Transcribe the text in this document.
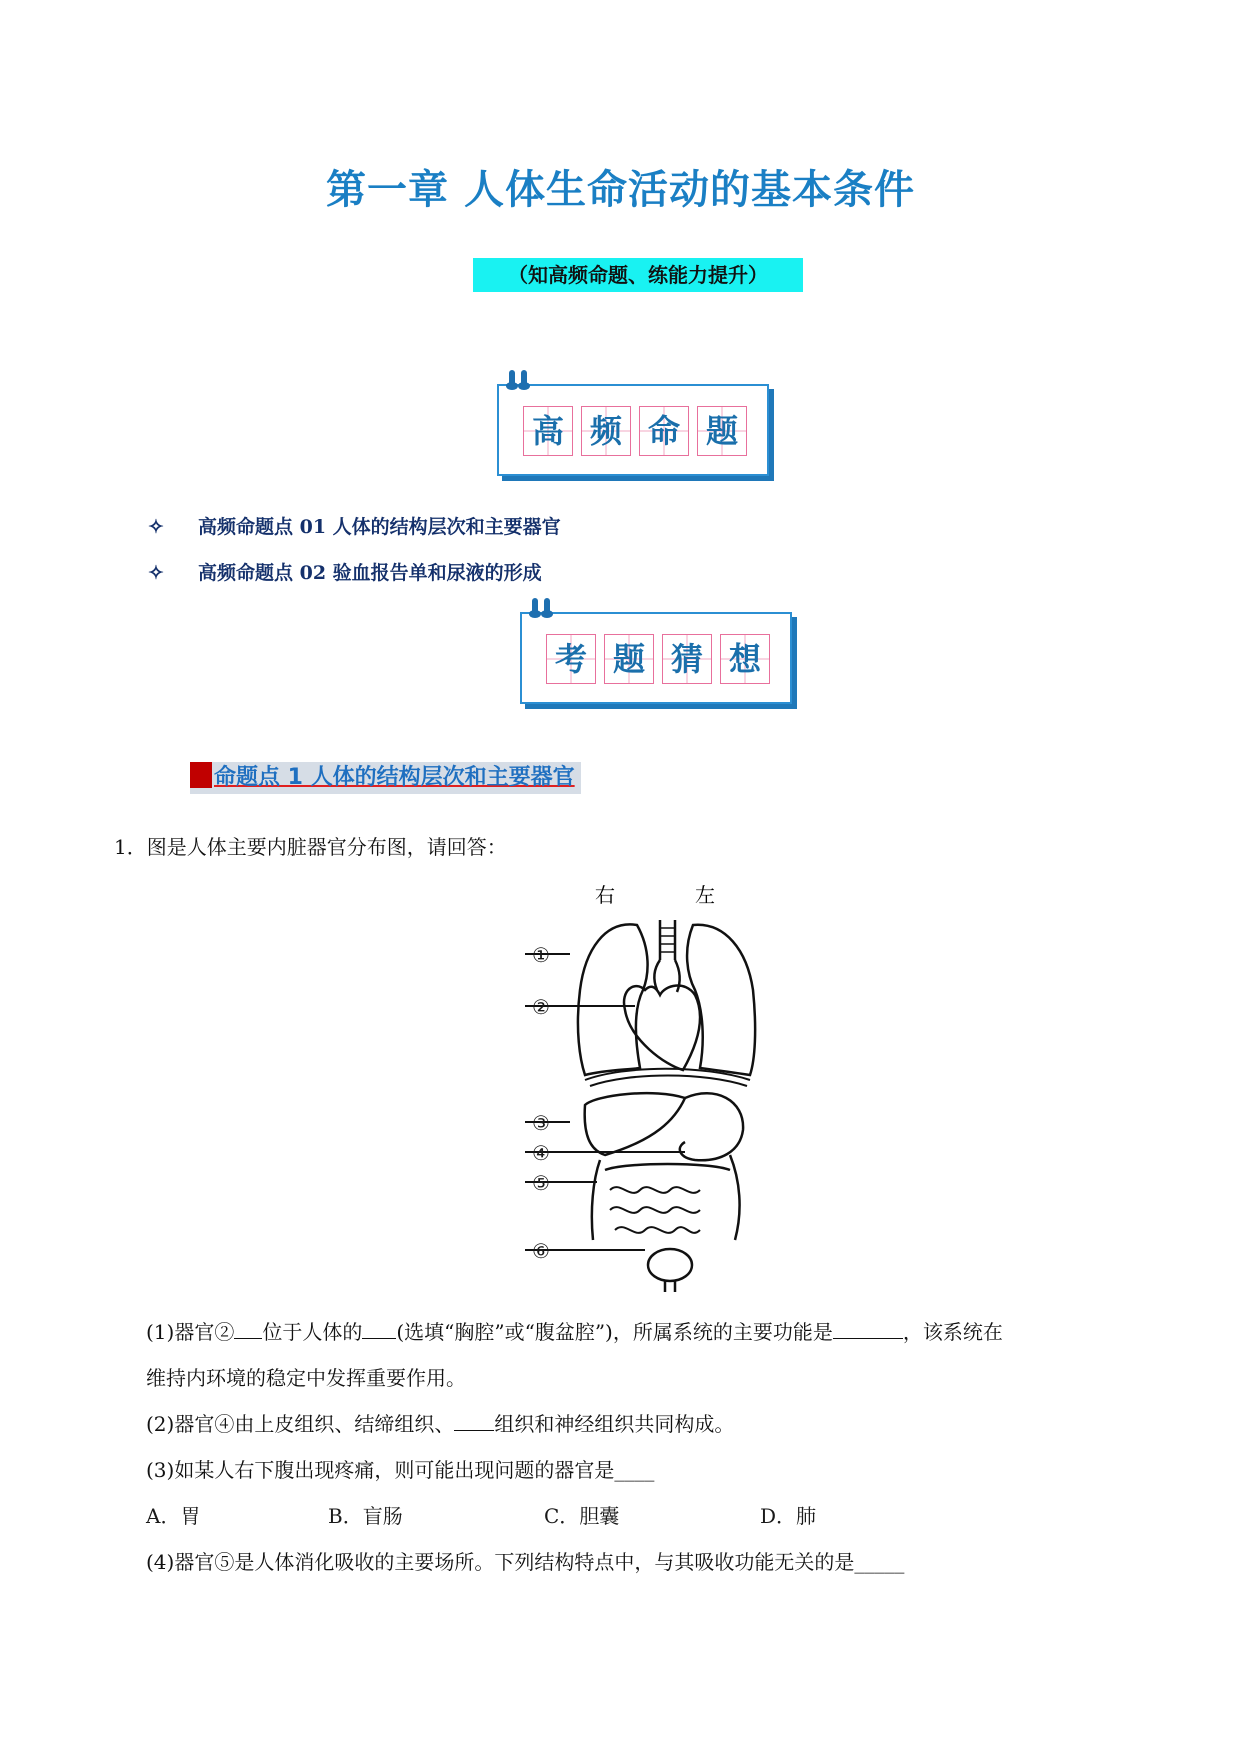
第一章 人体生命活动的基本条件
（知高频命题、练能力提升）
高 频 命 题
✧ 高频命题点 01 人体的结构层次和主要器官
✧ 高频命题点 02 验血报告单和尿液的形成
考 题 猜 想
命题点 1 人体的结构层次和主要器官
1．图是人体主要内脏器官分布图，请回答：
右	左
①
②
③
④
⑤
⑥
(1)器官② 位于人体的 (选填“胸腔”或“腹盆腔”)，所属系统的主要功能是	，该系统在
维持内环境的稳定中发挥重要作用。
(2)器官④由上皮组织、结缔组织、 组织和神经组织共同构成。
(3)如某人右下腹出现疼痛，则可能出现问题的器官是____
A．胃	B．盲肠	C．胆囊	D．肺
(4)器官⑤是人体消化吸收的主要场所。下列结构特点中，与其吸收功能无关的是_____
